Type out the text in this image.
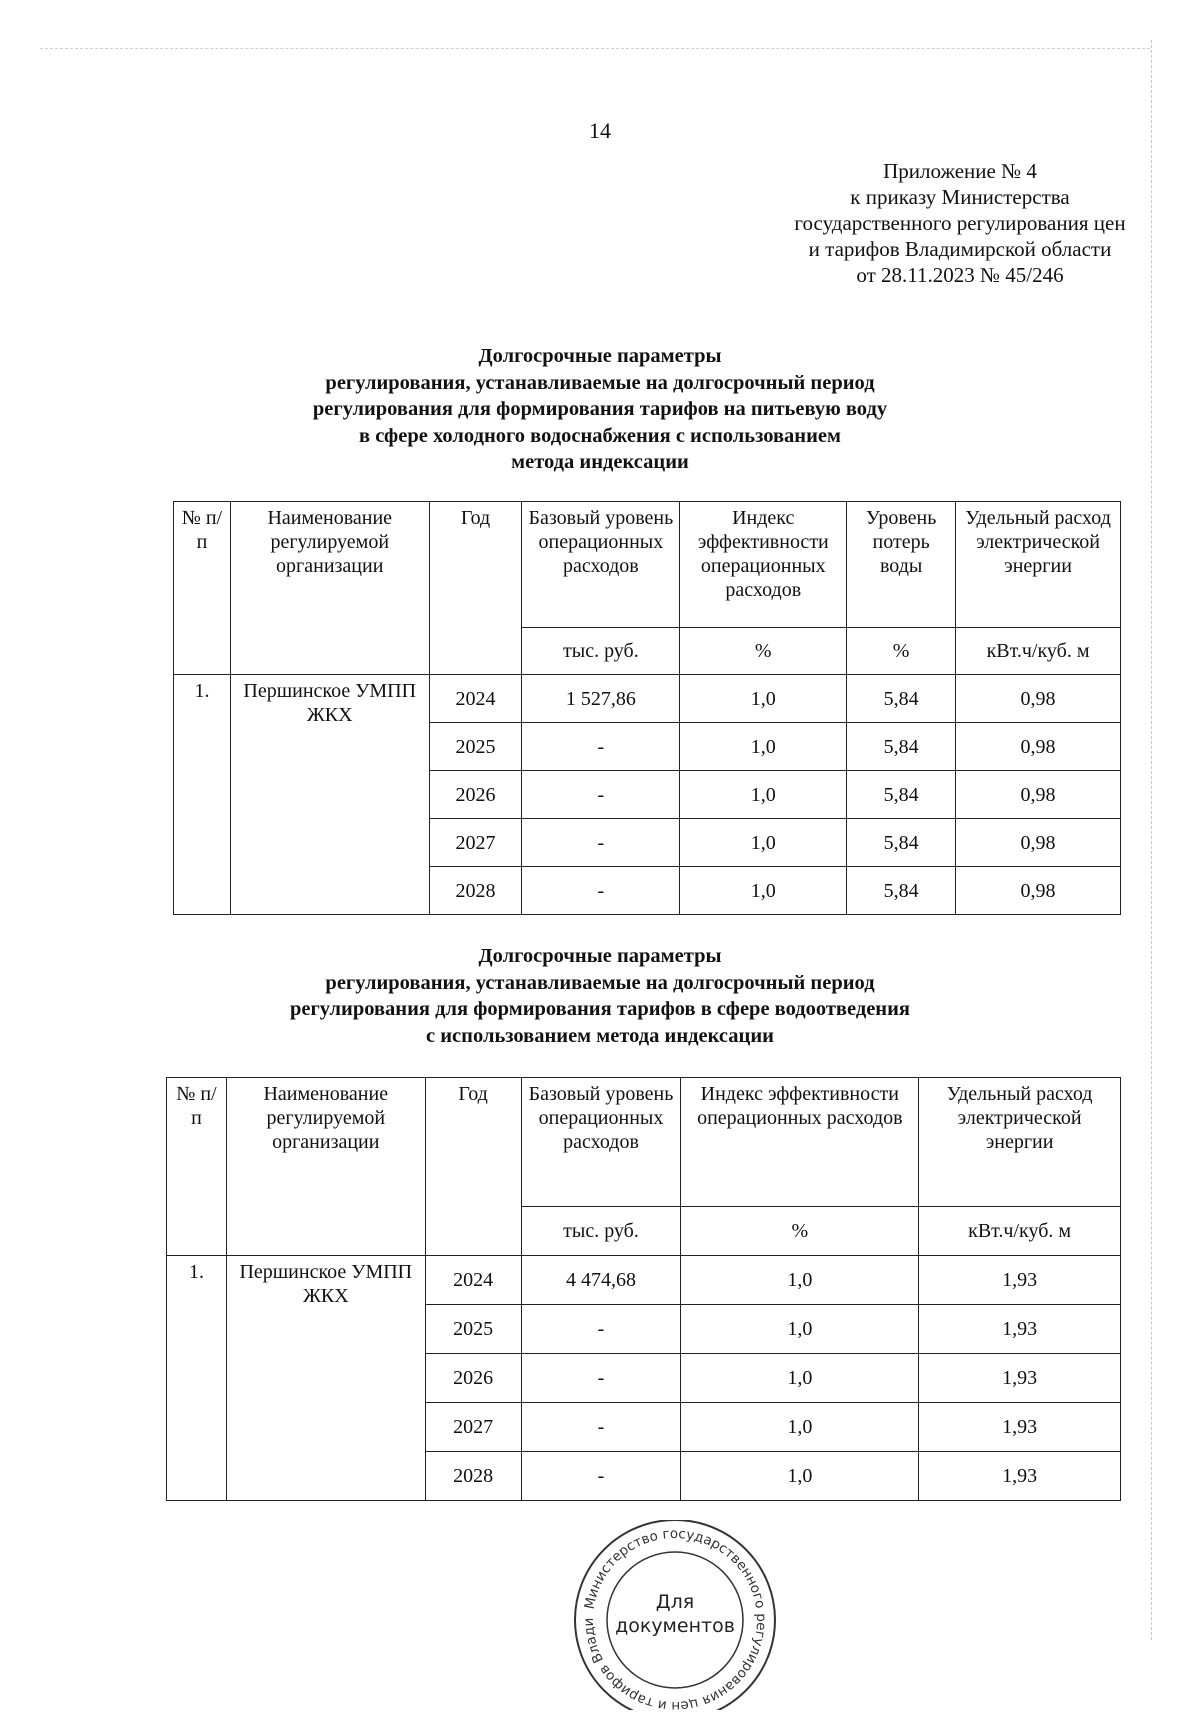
14
Приложение № 4
к приказу Министерства
государственного регулирования цен
и тарифов Владимирской области
от 28.11.2023 № 45/246
Долгосрочные параметры
регулирования, устанавливаемые на долгосрочный период
регулирования для формирования тарифов на питьевую воду
в сфере холодного водоснабжения с использованием
метода индексации
№ п/п	Наименование регулируемой организации	Год	Базовый уровень операционных расходов	Индекс эффективности операционных расходов	Уровень потерь воды	Удельный расход электрической энергии
			тыс. руб.	%	%	кВт.ч/куб. м
1.	Першинское УМПП ЖКХ	2024	1 527,86	1,0	5,84	0,98
		2025	-	1,0	5,84	0,98
		2026	-	1,0	5,84	0,98
		2027	-	1,0	5,84	0,98
		2028	-	1,0	5,84	0,98
Долгосрочные параметры
регулирования, устанавливаемые на долгосрочный период
регулирования для формирования тарифов в сфере водоотведения
с использованием метода индексации
№ п/п	Наименование регулируемой организации	Год	Базовый уровень операционных расходов	Индекс эффективности операционных расходов	Удельный расход электрической энергии
			тыс. руб.	%	кВт.ч/куб. м
1.	Першинское УМПП ЖКХ	2024	4 474,68	1,0	1,93
		2025	-	1,0	1,93
		2026	-	1,0	1,93
		2027	-	1,0	1,93
		2028	-	1,0	1,93
Министерство государственного регулирования цен и тарифов Влади
Для
документов
